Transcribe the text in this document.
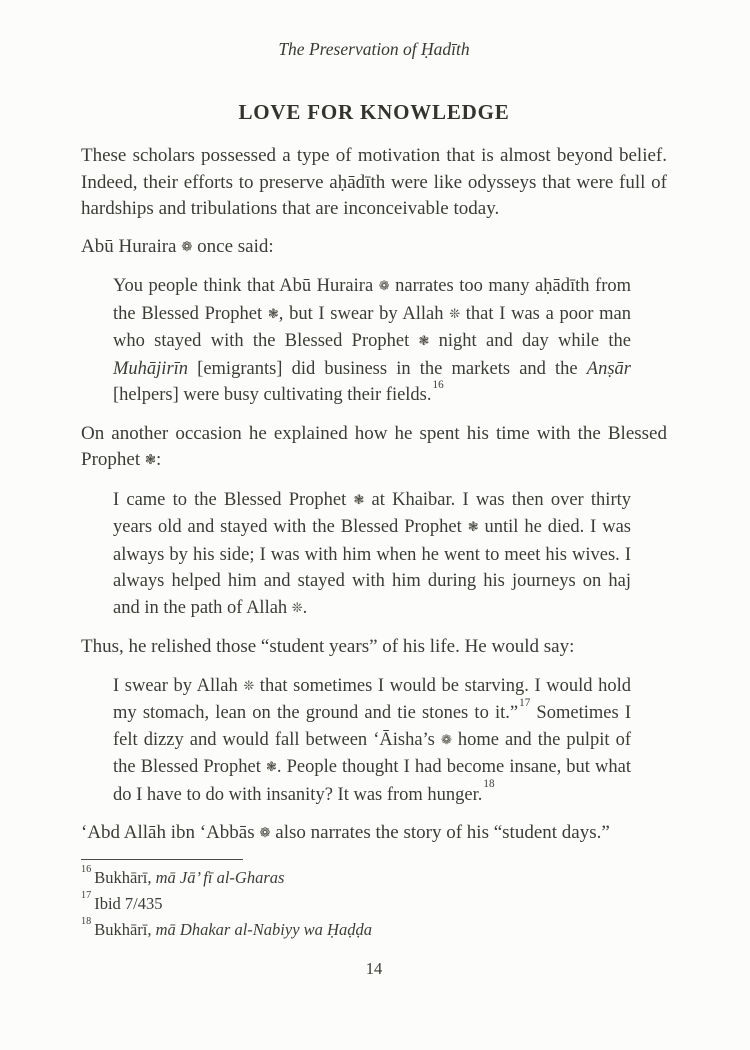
The Preservation of Ḥadīth
LOVE FOR KNOWLEDGE

These scholars possessed a type of motivation that is almost beyond belief. Indeed, their efforts to preserve aḥādīth were like odysseys that were full of hardships and tribulations that are inconceivable today.

Abū Huraira ❁ once said:

You people think that Abū Huraira ❁ narrates too many aḥādīth from the Blessed Prophet ❃, but I swear by Allah ❊ that I was a poor man who stayed with the Blessed Prophet ❃ night and day while the Muhājirīn [emigrants] did business in the markets and the Anṣār [helpers] were busy cultivating their fields.$^{16}$

On another occasion he explained how he spent his time with the Blessed Prophet ❃:

I came to the Blessed Prophet ❃ at Khaibar. I was then over thirty years old and stayed with the Blessed Prophet ❃ until he died. I was always by his side; I was with him when he went to meet his wives. I always helped him and stayed with him during his journeys on haj and in the path of Allah ❊.

Thus, he relished those “student years” of his life. He would say:

I swear by Allah ❊ that sometimes I would be starving. I would hold my stomach, lean on the ground and tie stones to it.”$^{17}$ Sometimes I felt dizzy and would fall between ‘Āisha’s ❁ home and the pulpit of the Blessed Prophet ❃. People thought I had become insane, but what do I have to do with insanity? It was from hunger.$^{18}$

‘Abd Allāh ibn ‘Abbās ❁ also narrates the story of his “student days.”

$^{16}$ Bukhārī, mā Jā’ fī al-Gharas
$^{17}$ Ibid 7/435
$^{18}$ Bukhārī, mā Dhakar al-Nabiyy wa Ḥaḍḍa
14
